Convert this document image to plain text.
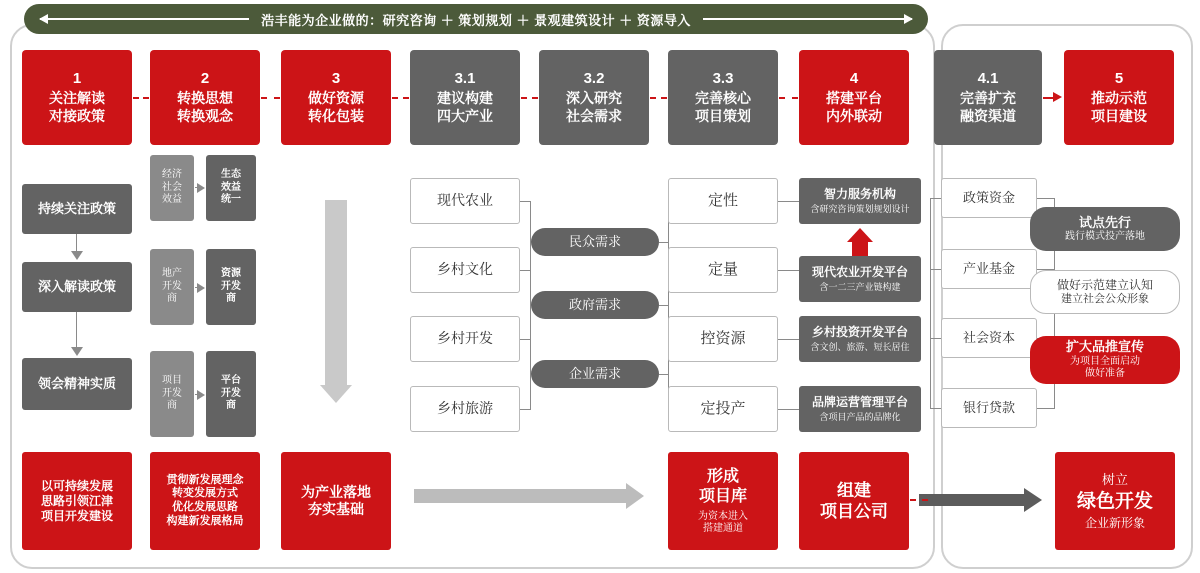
浩丰能为企业做的：研究咨询 ＋ 策划规划 ＋ 景观建筑设计 ＋ 资源导入
1
关注解读
对接政策
2
转换思想
转换观念
3
做好资源
转化包装
3.1
建议构建
四大产业
3.2
深入研究
社会需求
3.3
完善核心
项目策划
4
搭建平台
内外联动
4.1
完善扩充
融资渠道
5
推动示范
项目建设
持续关注政策
深入解读政策
领会精神实质
以可持续发展
思路引领江津
项目开发建设
经济
社会
效益
生态
效益
统一
地产
开发
商
资源
开发
商
项目
开发
商
平台
开发
商
贯彻新发展理念
转变发展方式
优化发展思路
构建新发展格局
为产业落地
夯实基础
现代农业
乡村文化
乡村开发
乡村旅游
民众需求
政府需求
企业需求
定性
定量
控资源
定投产
智力服务机构
含研究咨询策划规划设计
现代农业开发平台
含一二三产业链构建
乡村投资开发平台
含文创、旅游、短长居住
品牌运营管理平台
含项目产品的品牌化
政策资金
产业基金
社会资本
银行贷款
试点先行
践行模式投产落地
做好示范建立认知
建立社会公众形象
扩大品推宣传
为项目全面启动
做好准备
形成
项目库
为资本进入
搭建通道
组建
项目公司
树立
绿色开发
企业新形象
